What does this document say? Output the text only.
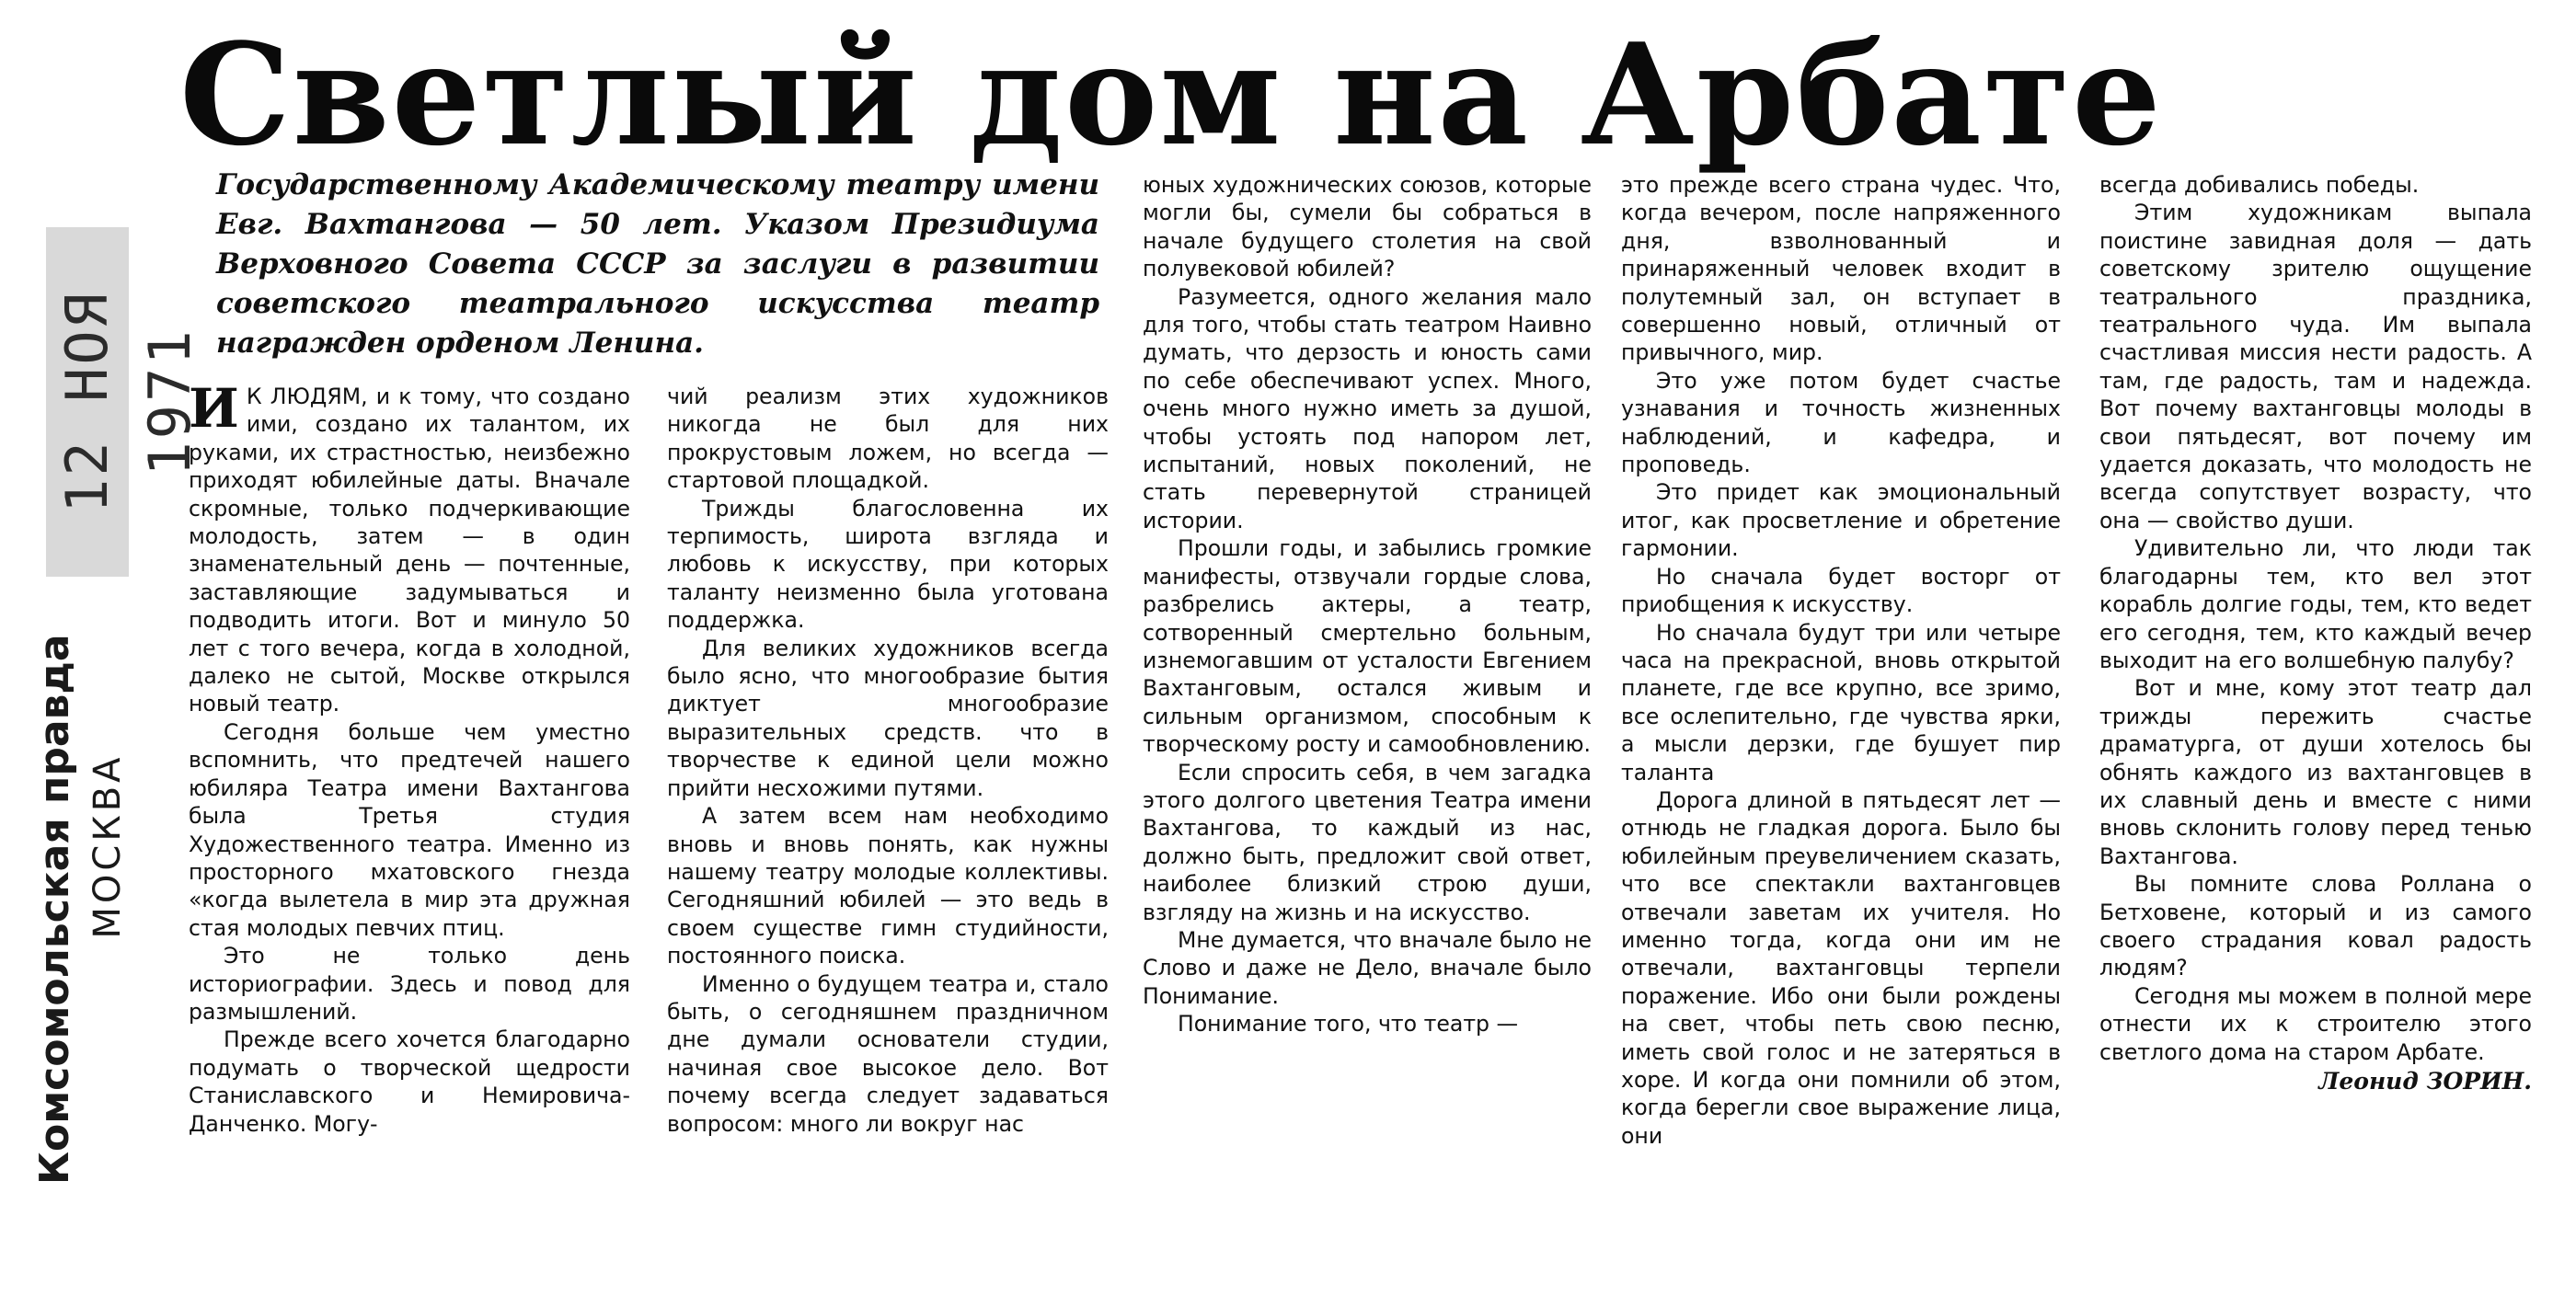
Светлый дом на Арбате
12 НОЯ 1971
Комсомольская правда МОСКВА
Государственному Академическому театру имени Евг. Вахтангова — 50 лет. Указом Президиума Верховного Совета СССР за заслуги в развитии советского театрального искусства театр награжден орденом Ленина.

И К ЛЮДЯМ, и к тому, что создано ими, создано их талантом, их руками, их страстностью, неизбежно приходят юбилейные даты. Вначале скромные, только подчеркивающие молодость, затем — в один знаменательный день — почтенные, заставляющие задумываться и подводить итоги. Вот и минуло 50 лет с того вечера, когда в холодной, далеко не сытой, Москве открылся новый театр.

Сегодня больше чем уместно вспомнить, что предтечей нашего юбиляра Театра имени Вахтангова была Третья студия Художественного театра. Именно из просторного мхатовского гнезда «когда вылетела в мир эта дружная стая молодых певчих птиц.

Это не только день историографии. Здесь и повод для размышлений.

Прежде всего хочется благодарно подумать о творческой щедрости Станиславского и Немировича-Данченко. Могу-

чий реализм этих художников никогда не был для них прокрустовым ложем, но всегда — стартовой площадкой.

Трижды благословенна их терпимость, широта взгляда и любовь к искусству, при которых таланту неизменно была уготована поддержка.

Для великих художников всегда было ясно, что многообразие бытия диктует многообразие выразительных средств. что в творчестве к единой цели можно прийти несхожими путями.

А затем всем нам необходимо вновь и вновь понять, как нужны нашему театру молодые коллективы. Сегодняшний юбилей — это ведь в своем существе гимн студийности, постоянного поиска.

Именно о будущем театра и, стало быть, о сегодняшнем праздничном дне думали основатели студии, начиная свое высокое дело. Вот почему всегда следует задаваться вопросом: много ли вокруг нас

юных художнических союзов, которые могли бы, сумели бы собраться в начале будущего столетия на свой полувековой юбилей?

Разумеется, одного желания мало для того, чтобы стать театром Наивно думать, что дерзость и юность сами по себе обеспечивают успех. Много, очень много нужно иметь за душой, чтобы устоять под напором лет, испытаний, новых поколений, не стать перевернутой страницей истории.

Прошли годы, и забылись громкие манифесты, отзвучали гордые слова, разбрелись актеры, а театр, сотворенный смертельно больным, изнемогавшим от усталости Евгением Вахтанговым, остался живым и сильным организмом, способным к творческому росту и самообновлению.

Если спросить себя, в чем загадка этого долгого цветения Театра имени Вахтангова, то каждый из нас, должно быть, предложит свой ответ, наиболее близкий строю души, взгляду на жизнь и на искусство.

Мне думается, что вначале было не Слово и даже не Дело, вначале было Понимание.

Понимание того, что театр —

это прежде всего страна чудес. Что, когда вечером, после напряженного дня, взволнованный и принаряженный человек входит в полутемный зал, он вступает в совершенно новый, отличный от привычного, мир.

Это уже потом будет счастье узнавания и точность жизненных наблюдений, и кафедра, и проповедь.

Это придет как эмоциональный итог, как просветление и обретение гармонии.

Но сначала будет восторг от приобщения к искусству.

Но сначала будут три или четыре часа на прекрасной, вновь открытой планете, где все крупно, все зримо, все ослепительно, где чувства ярки, а мысли дерзки, где бушует пир таланта

Дорога длиной в пятьдесят лет — отнюдь не гладкая дорога. Было бы юбилейным преувеличением сказать, что все спектакли вахтанговцев отвечали заветам их учителя. Но именно тогда, когда они им не отвечали, вахтанговцы терпели поражение. Ибо они были рождены на свет, чтобы петь свою песню, иметь свой голос и не затеряться в хоре. И когда они помнили об этом, когда берегли свое выражение лица, они

всегда добивались победы.

Этим художникам выпала поистине завидная доля — дать советскому зрителю ощущение театрального праздника, театрального чуда. Им выпала счастливая миссия нести радость. А там, где радость, там и надежда. Вот почему вахтанговцы молоды в свои пятьдесят, вот почему им удается доказать, что молодость не всегда сопутствует возрасту, что она — свойство души.

Удивительно ли, что люди так благодарны тем, кто вел этот корабль долгие годы, тем, кто ведет его сегодня, тем, кто каждый вечер выходит на его волшебную палубу?

Вот и мне, кому этот театр дал трижды пережить счастье драматурга, от души хотелось бы обнять каждого из вахтанговцев в их славный день и вместе с ними вновь склонить голову перед тенью Вахтангова.

Вы помните слова Роллана о Бетховене, который и из самого своего страдания ковал радость людям?

Сегодня мы можем в полной мере отнести их к строителю этого светлого дома на старом Арбате.

Леонид ЗОРИН.
